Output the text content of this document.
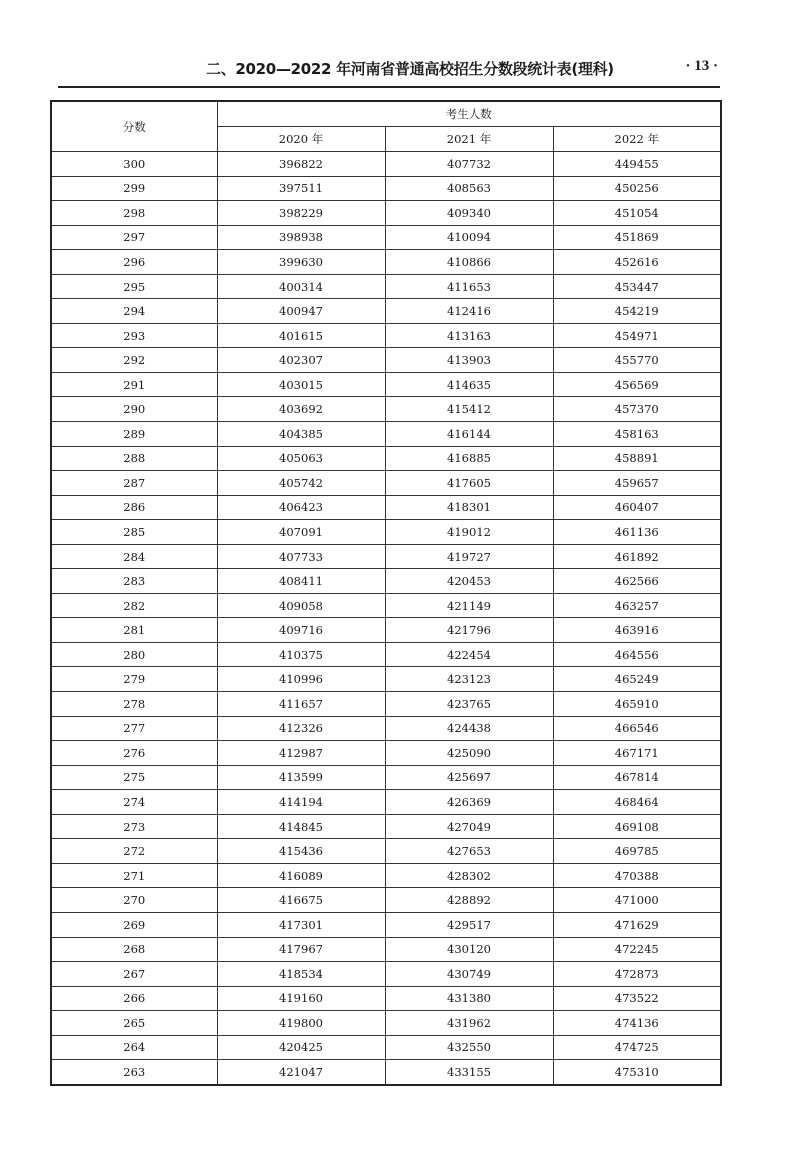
二、2020—2022 年河南省普通高校招生分数段统计表(理科)	· 13 ·
分数	考生人数		
	2020 年	2021 年	2022 年
300	396822	407732	449455
299	397511	408563	450256
298	398229	409340	451054
297	398938	410094	451869
296	399630	410866	452616
295	400314	411653	453447
294	400947	412416	454219
293	401615	413163	454971
292	402307	413903	455770
291	403015	414635	456569
290	403692	415412	457370
289	404385	416144	458163
288	405063	416885	458891
287	405742	417605	459657
286	406423	418301	460407
285	407091	419012	461136
284	407733	419727	461892
283	408411	420453	462566
282	409058	421149	463257
281	409716	421796	463916
280	410375	422454	464556
279	410996	423123	465249
278	411657	423765	465910
277	412326	424438	466546
276	412987	425090	467171
275	413599	425697	467814
274	414194	426369	468464
273	414845	427049	469108
272	415436	427653	469785
271	416089	428302	470388
270	416675	428892	471000
269	417301	429517	471629
268	417967	430120	472245
267	418534	430749	472873
266	419160	431380	473522
265	419800	431962	474136
264	420425	432550	474725
263	421047	433155	475310
